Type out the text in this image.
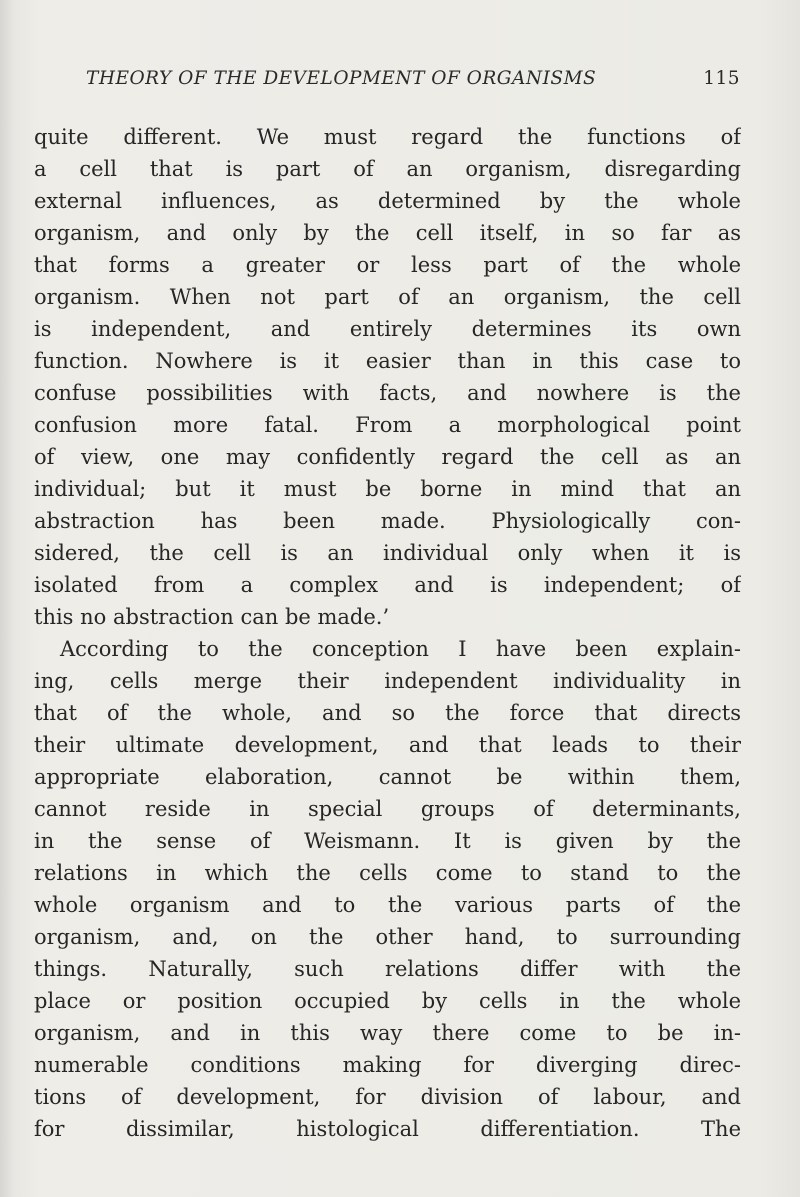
THEORY OF THE DEVELOPMENT OF ORGANISMS	115
quite different. We must regard the functions of
a cell that is part of an organism, disregarding
external influences, as determined by the whole
organism, and only by the cell itself, in so far as
that forms a greater or less part of the whole
organism. When not part of an organism, the cell
is independent, and entirely determines its own
function. Nowhere is it easier than in this case to
confuse possibilities with facts, and nowhere is the
confusion more fatal. From a morphological point
of view, one may confidently regard the cell as an
individual; but it must be borne in mind that an
abstraction has been made. Physiologically con-
sidered, the cell is an individual only when it is
isolated from a complex and is independent; of
this no abstraction can be made.’
According to the conception I have been explain-
ing, cells merge their independent individuality in
that of the whole, and so the force that directs
their ultimate development, and that leads to their
appropriate elaboration, cannot be within them,
cannot reside in special groups of determinants,
in the sense of Weismann. It is given by the
relations in which the cells come to stand to the
whole organism and to the various parts of the
organism, and, on the other hand, to surrounding
things. Naturally, such relations differ with the
place or position occupied by cells in the whole
organism, and in this way there come to be in-
numerable conditions making for diverging direc-
tions of development, for division of labour, and
for dissimilar, histological differentiation. The
